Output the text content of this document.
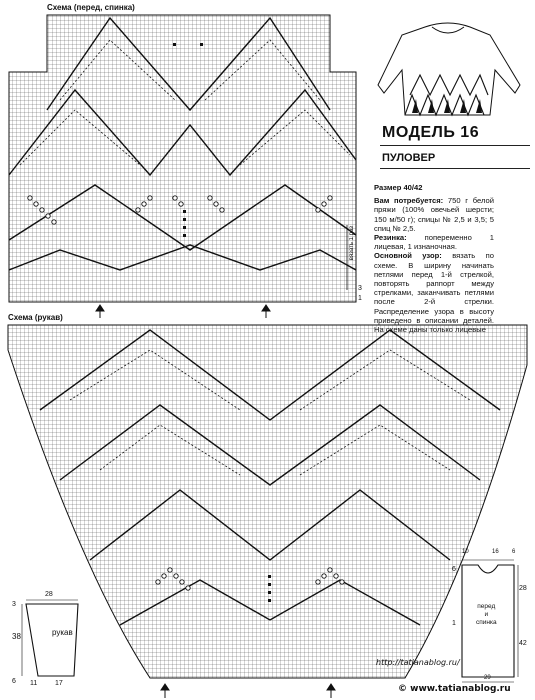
Схема (перед, спинка)
Схема (рукав)
вязать 1 раз
3
1
МОДЕЛЬ 16
ПУЛОВЕР
Размер 40/42
Вам потребуется: 750 г белой пряжи (100% овечьей шерсти; 150 м/50 г); спицы № 2,5 и 3,5; 5 спиц № 2,5.
Резинка: попеременно 1 лицевая, 1 изнаночная.
Основной узор: вязать по схеме. В ширину начинать петлями перед 1-й стрелкой, повторять раппорт между стрелками, заканчивать петлями после 2-й стрелки. Распределение узора в высоту приведено в описании деталей.
28
3
38	рукав
6 11	17
10	16 6
28
42
6
1
перед
и
спинка
29
http://tatianablog.ru/
© www.tatianablog.ru
